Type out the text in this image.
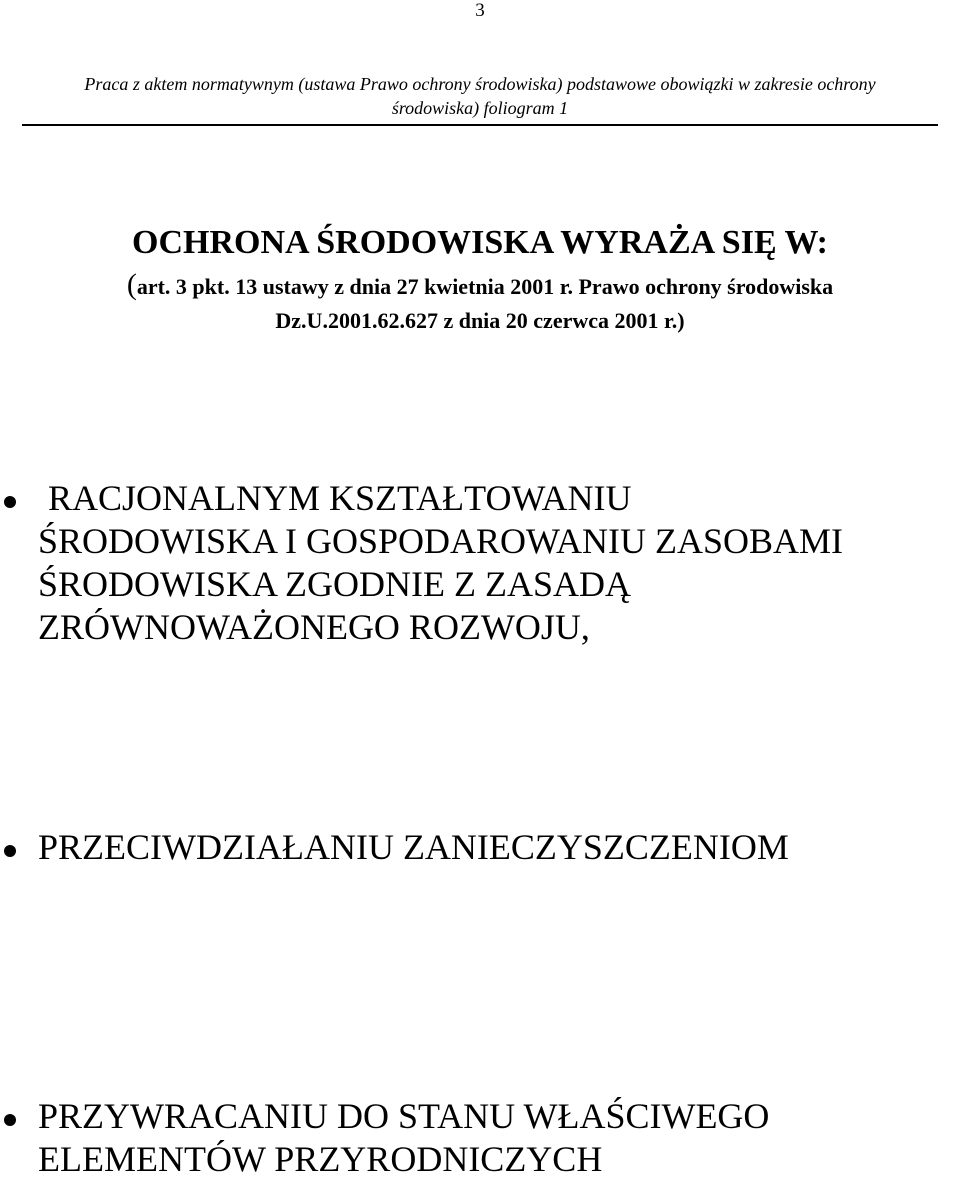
3
Praca z aktem normatywnym (ustawa Prawo ochrony środowiska) podstawowe obowiązki w zakresie ochrony
środowiska) foliogram 1
OCHRONA ŚRODOWISKA WYRAŻA SIĘ W:
(art. 3 pkt. 13 ustawy z dnia 27 kwietnia 2001 r. Prawo ochrony środowiska
Dz.U.2001.62.627 z dnia 20 czerwca 2001 r.)
RACJONALNYM KSZTAŁTOWANIU
ŚRODOWISKA I GOSPODAROWANIU ZASOBAMI
ŚRODOWISKA ZGODNIE Z ZASADĄ
ZRÓWNOWAŻONEGO ROZWOJU,
PRZECIWDZIAŁANIU ZANIECZYSZCZENIOM
PRZYWRACANIU DO STANU WŁAŚCIWEGO
ELEMENTÓW PRZYRODNICZYCH
